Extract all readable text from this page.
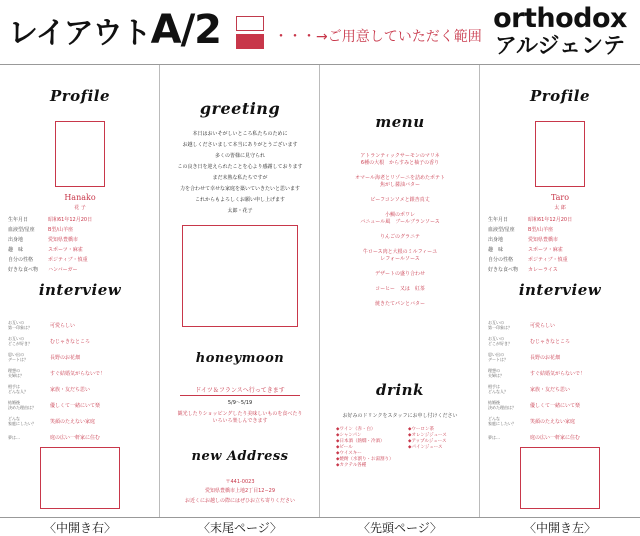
レイアウトA/2	・・・→ご用意していただく範囲
orthodox
アルジェンテ
Profile
Hanako
花 子
生年月日	昭和61年12月20日
血液型/星座	B型/山羊座
出身地	愛知県豊橋市
趣　味	スポーツ・麻雀
自分の性格	ポジティブ・慎重
好きな食べ物	ハンバーガー
interview
お互いの
第一印象は？	可愛らしい
お互いの
どこが好き？	むじゃきなところ
思い出の
デートは？	長野のお花畑
理想の
夫婦は？	すぐ結婚気がらないで！
相手は
どんな人？	家族・友だち思い
結婚後
決めた理由は？	優しくて一緒にいて楽
どんな
家庭にしたい？	笑顔のたえない家庭
夢は…	庭の広い一軒家に住む
greeting
本日はおいそがしいところ私たちのために
お越しくださいまして本当にありがとうございます
多くの皆様に見守られ
この良き日を迎えられたことを心より感謝しております
まだ未熟な私たちですが
力を合わせて幸せな家庭を築いていきたいと思います
これからもよろしくお願い申し上げます
太郎・花子
honeymoon
ドイツ＆フランスへ行ってきます
5/9～5/19
観光したりショッピングしたり美味しいものを食べたり
いろいろ楽しんできます
new Address
〒441-0023
愛知県豊橋市上地2丁目12−29
お近くにお越しの際にはぜひお立ち寄りください
menu
アトランティックサーモンのマリネ
6種の大根　からすみと柚子の香り
オマール海老とリゾーニを詰めたポテト
焦がし醤油バター
ビーフコンソメと銀杏真丈
小鯛のポワレ
バニュール風　ブールブランソース
りんごのグラニテ
牛ロース肉と大根のミルフィーユ
レフォールソース
デザートの盛り合わせ
コーヒー　又は　紅茶
焼きたてパンとバター
drink
お好みのドリンクをスタッフにお申し付けください
◆ワイン（赤・白）
◆シャンパン
◆日本酒（熱燗・冷酒）
◆ビール
◆ウイスキー
◆焼酎（水割り・お湯割り）
◆カクテル各種
◆ウーロン茶
◆オレンジジュース
◆アップルジュース
◆パインジュース
Profile
Taro
太 郎
生年月日	昭和61年12月20日
血液型/星座	B型/山羊座
出身地	愛知県豊橋市
趣　味	スポーツ・麻雀
自分の性格	ポジティブ・慎重
好きな食べ物	カレーライス
interview
お互いの
第一印象は？	可愛らしい
お互いの
どこが好き？	むじゃきなところ
思い出の
デートは？	長野のお花畑
理想の
夫婦は？	すぐ結婚気がらないで！
相手は
どんな人？	家族・友だち思い
結婚後
決めた理由は？	優しくて一緒にいて楽
どんな
家庭にしたい？	笑顔のたえない家庭
夢は…	庭の広い一軒家に住む
〈中開き右〉	〈末尾ページ〉	〈先頭ページ〉	〈中開き左〉
